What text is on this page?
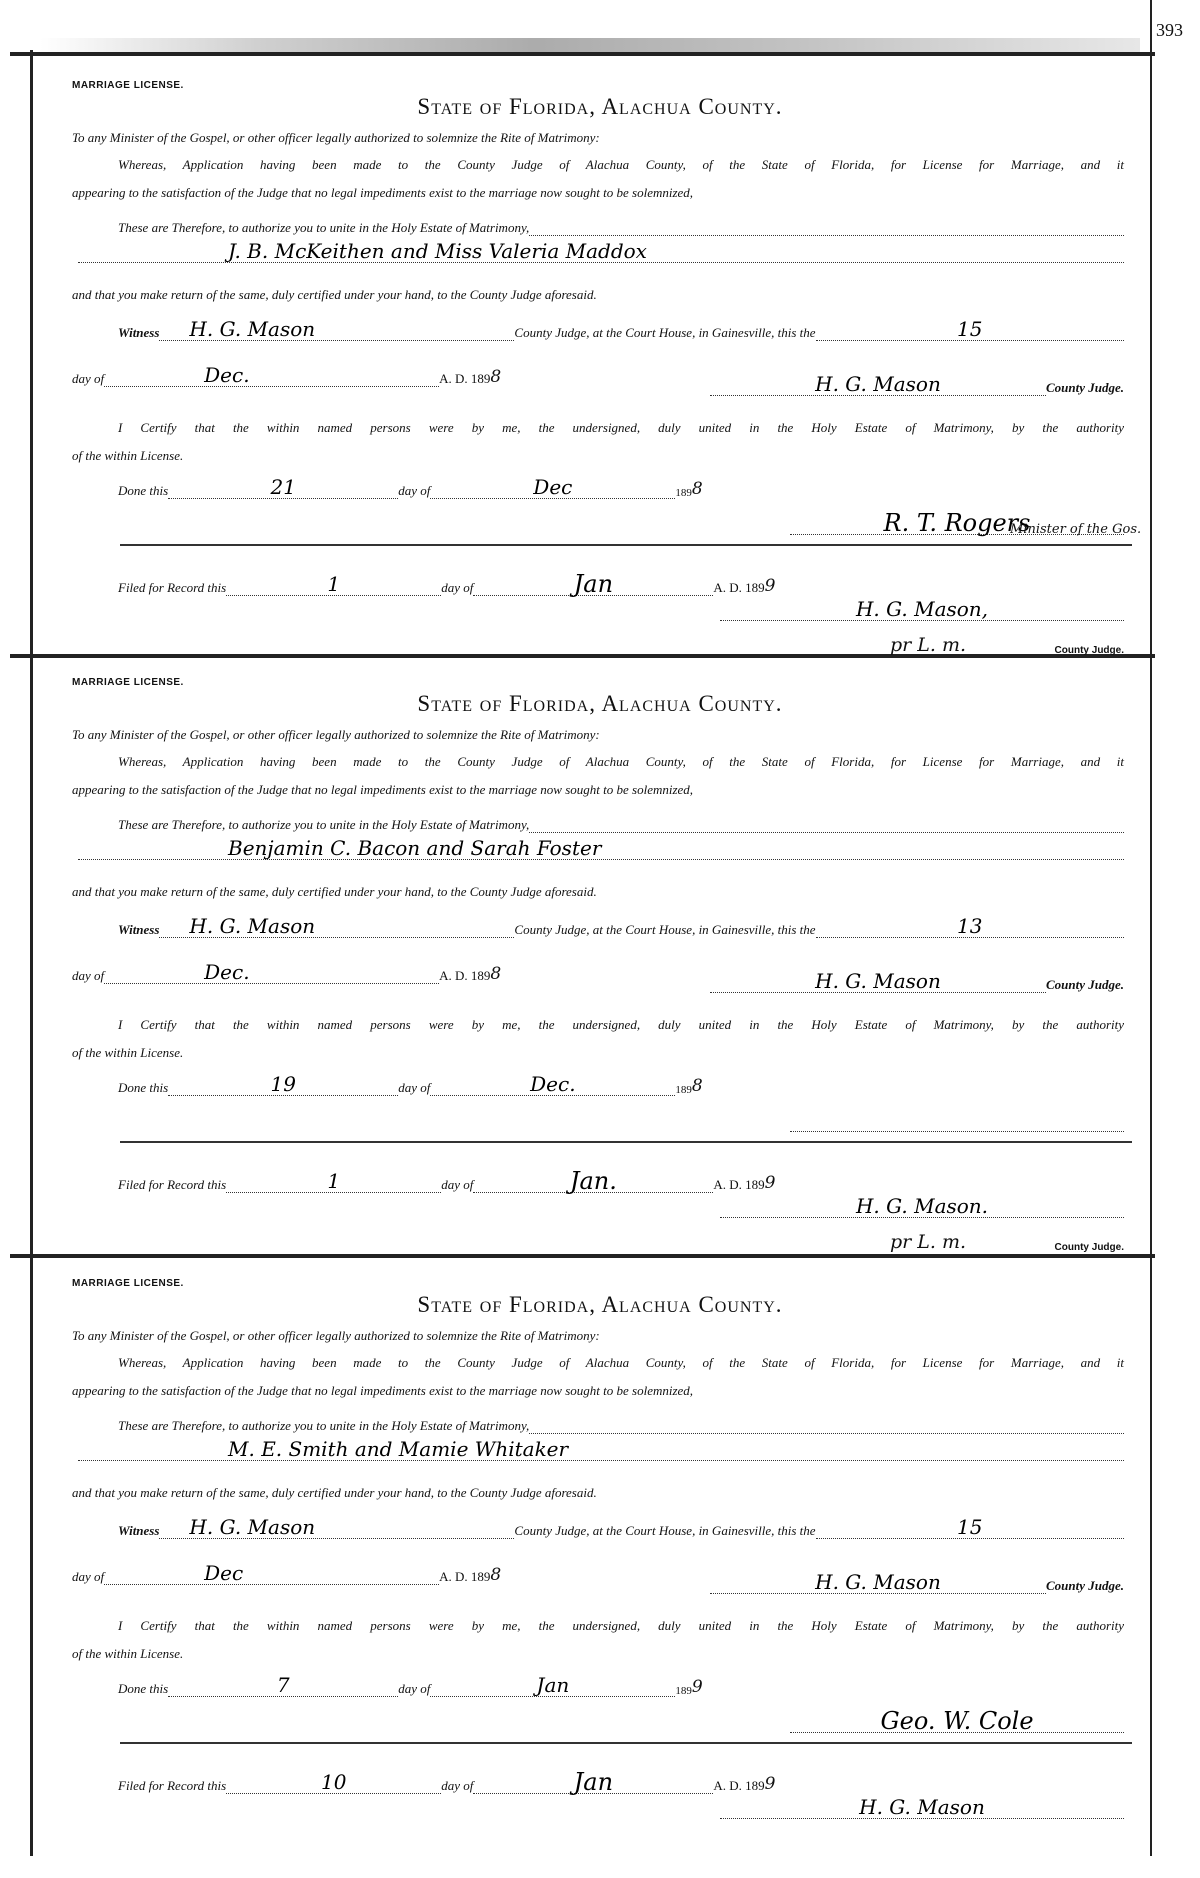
393
MARRIAGE LICENSE.
State of Florida, Alachua County.
To any Minister of the Gospel, or other officer legally authorized to solemnize the Rite of Matrimony:
Whereas, Application having been made to the County Judge of Alachua County, of the State of Florida, for License for Marriage, and it
appearing to the satisfaction of the Judge that no legal impediments exist to the marriage now sought to be solemnized,
These are Therefore, to authorize you to unite in the Holy Estate of Matrimony,
J. B. McKeithen and Miss Valeria Maddox
and that you make return of the same, duly certified under your hand, to the County Judge aforesaid.
Witness	H. G. Mason	County Judge, at the Court House, in Gainesville, this the	15
day of	Dec.	A. D. 189 8	H. G. Mason	County Judge.
I Certify that the within named persons were by me, the undersigned, duly united in the Holy Estate of Matrimony, by the authority
of the within License.
Done this	21	day of	Dec	189 8
R. T. Rogers
Minister of the Gos.
Filed for Record this	1	day of	Jan	A. D. 189 9
H. G. Mason,
pr L. m.	County Judge.
MARRIAGE LICENSE.
State of Florida, Alachua County.
To any Minister of the Gospel, or other officer legally authorized to solemnize the Rite of Matrimony:
Whereas, Application having been made to the County Judge of Alachua County, of the State of Florida, for License for Marriage, and it
appearing to the satisfaction of the Judge that no legal impediments exist to the marriage now sought to be solemnized,
These are Therefore, to authorize you to unite in the Holy Estate of Matrimony,
Benjamin C. Bacon and Sarah Foster
and that you make return of the same, duly certified under your hand, to the County Judge aforesaid.
Witness	H. G. Mason	County Judge, at the Court House, in Gainesville, this the	13
day of	Dec.	A. D. 189 8	H. G. Mason	County Judge.
I Certify that the within named persons were by me, the undersigned, duly united in the Holy Estate of Matrimony, by the authority
of the within License.
Done this	19	day of	Dec.	189 8
Filed for Record this	1	day of	Jan.	A. D. 189 9
H. G. Mason.
pr L. m.	County Judge.
MARRIAGE LICENSE.
State of Florida, Alachua County.
To any Minister of the Gospel, or other officer legally authorized to solemnize the Rite of Matrimony:
Whereas, Application having been made to the County Judge of Alachua County, of the State of Florida, for License for Marriage, and it
appearing to the satisfaction of the Judge that no legal impediments exist to the marriage now sought to be solemnized,
These are Therefore, to authorize you to unite in the Holy Estate of Matrimony,
M. E. Smith and Mamie Whitaker
and that you make return of the same, duly certified under your hand, to the County Judge aforesaid.
Witness	H. G. Mason	County Judge, at the Court House, in Gainesville, this the	15
day of	Dec	A. D. 189 8	H. G. Mason	County Judge.
I Certify that the within named persons were by me, the undersigned, duly united in the Holy Estate of Matrimony, by the authority
of the within License.
Done this	7	day of	Jan	189 9
Geo. W. Cole
Filed for Record this	10	day of	Jan	A. D. 189 9
H. G. Mason
